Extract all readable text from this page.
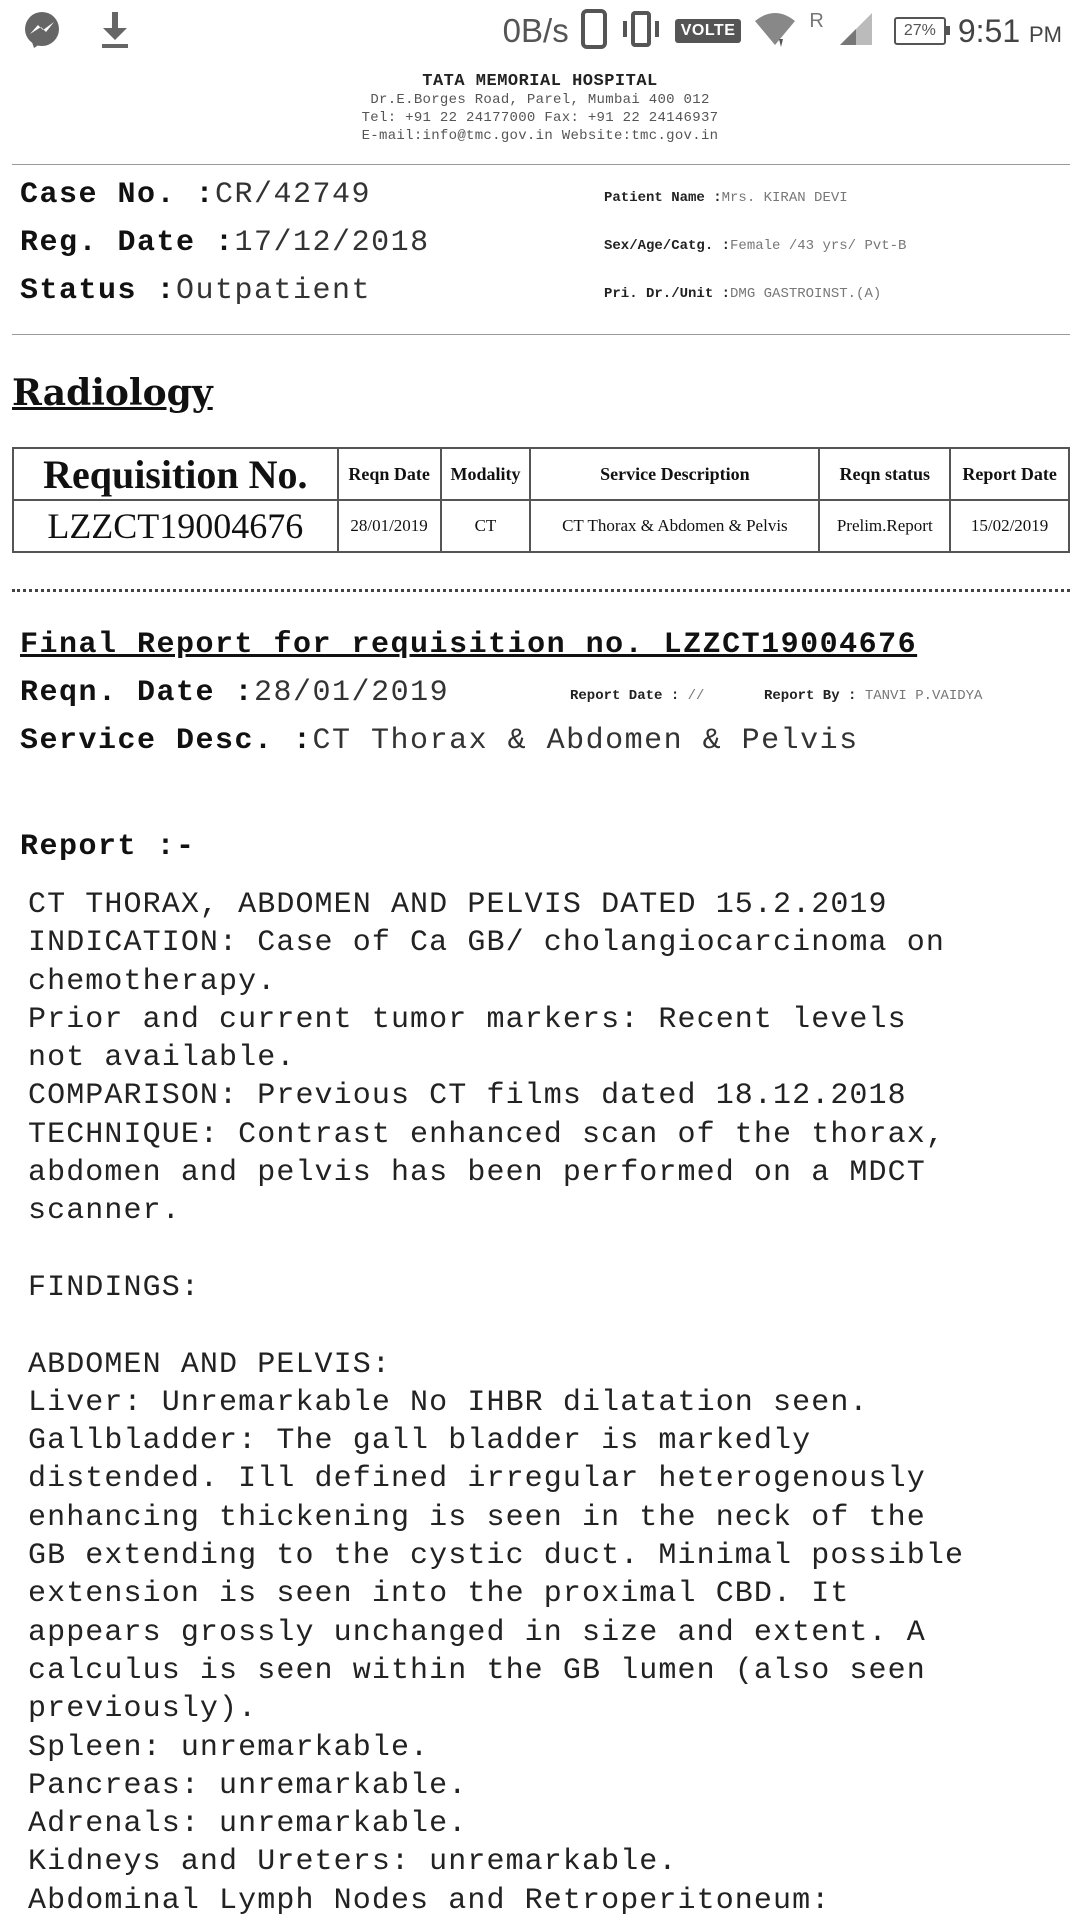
0B/s	VOLTE	R	27% 9:51 PM
TATA MEMORIAL HOSPITAL
Dr.E.Borges Road, Parel, Mumbai 400 012
Tel: +91 22 24177000 Fax: +91 22 24146937
E-mail:info@tmc.gov.in Website:tmc.gov.in
Case No. :CR/42749
Reg. Date :17/12/2018
Status :Outpatient
Patient Name :Mrs. KIRAN DEVI
Sex/Age/Catg. :Female /43 yrs/ Pvt-B
Pri. Dr./Unit :DMG GASTROINST.(A)
Radiology
Requisition No.	Reqn Date	Modality	Service Description	Reqn status	Report Date
LZZCT19004676	28/01/2019	CT	CT Thorax & Abdomen & Pelvis	Prelim.Report	15/02/2019
Final Report for requisition no. LZZCT19004676
Reqn. Date :28/01/2019	Report Date : //	Report By : TANVI P.VAIDYA
Service Desc. :CT Thorax & Abdomen & Pelvis
Report :-
CT THORAX, ABDOMEN AND PELVIS DATED 15.2.2019
INDICATION: Case of Ca GB/ cholangiocarcinoma on
chemotherapy.
Prior and current tumor markers: Recent levels
not available.
COMPARISON: Previous CT films dated 18.12.2018
TECHNIQUE: Contrast enhanced scan of the thorax,
abdomen and pelvis has been performed on a MDCT
scanner.
FINDINGS:
ABDOMEN AND PELVIS:
Liver: Unremarkable No IHBR dilatation seen.
Gallbladder: The gall bladder is markedly
distended. Ill defined irregular heterogenously
enhancing thickening is seen in the neck of the
GB extending to the cystic duct. Minimal possible
extension is seen into the proximal CBD. It
appears grossly unchanged in size and extent. A
calculus is seen within the GB lumen (also seen
previously).
Spleen: unremarkable.
Pancreas: unremarkable.
Adrenals: unremarkable.
Kidneys and Ureters: unremarkable.
Abdominal Lymph Nodes and Retroperitoneum:
